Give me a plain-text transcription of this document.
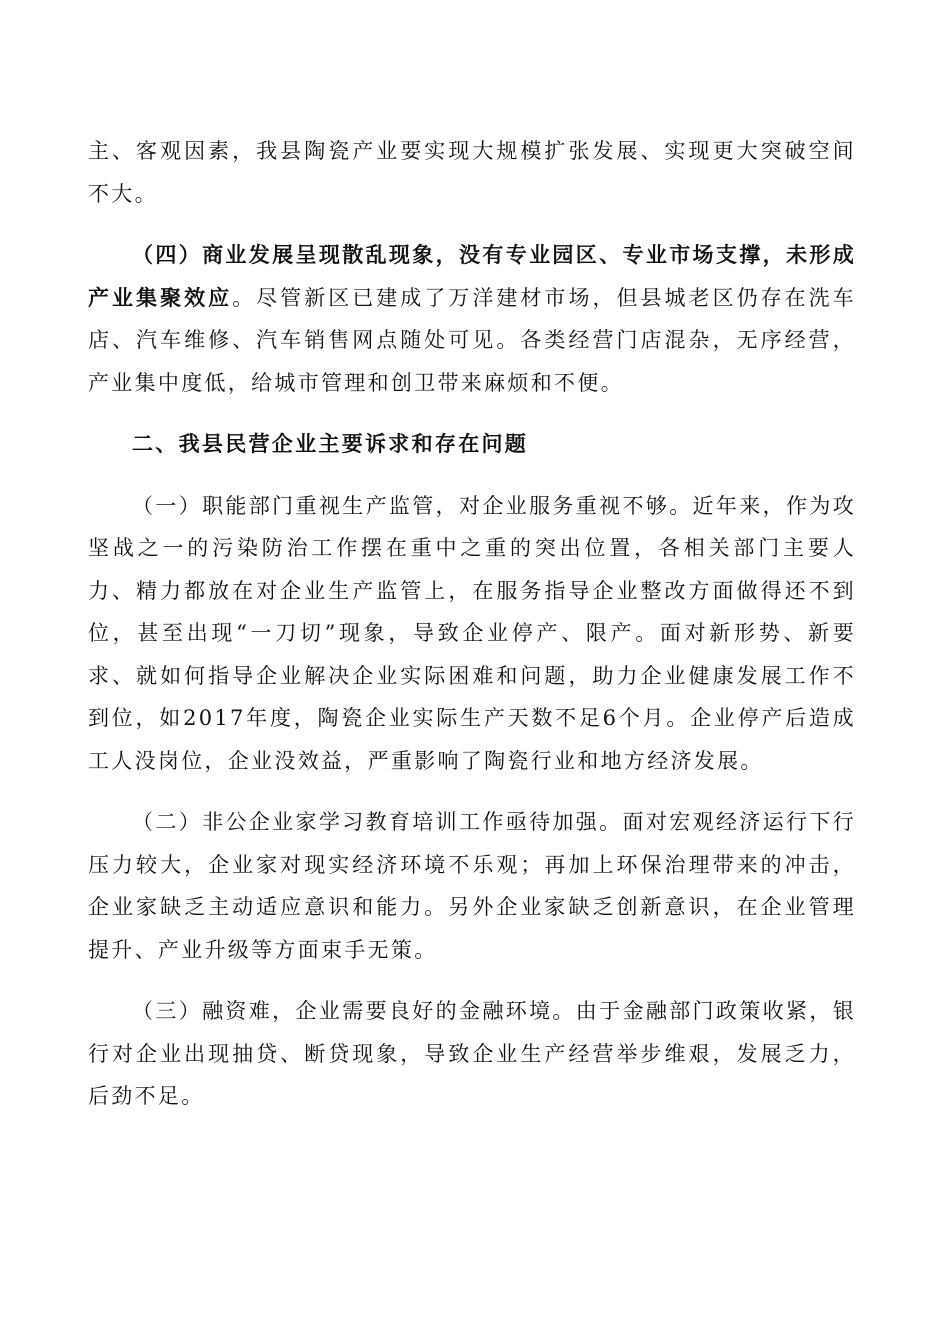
主、客观因素，我县陶瓷产业要实现大规模扩张发展、实现更大突破空间不大。

（四）商业发展呈现散乱现象，没有专业园区、专业市场支撑，未形成产业集聚效应。尽管新区已建成了万洋建材市场，但县城老区仍存在洗车店、汽车维修、汽车销售网点随处可见。各类经营门店混杂，无序经营，产业集中度低，给城市管理和创卫带来麻烦和不便。

二、我县民营企业主要诉求和存在问题

（一）职能部门重视生产监管，对企业服务重视不够。近年来，作为攻坚战之一的污染防治工作摆在重中之重的突出位置，各相关部门主要人力、精力都放在对企业生产监管上，在服务指导企业整改方面做得还不到位，甚至出现“一刀切”现象，导致企业停产、限产。面对新形势、新要求、就如何指导企业解决企业实际困难和问题，助力企业健康发展工作不到位，如2017年度，陶瓷企业实际生产天数不足6个月。企业停产后造成工人没岗位，企业没效益，严重影响了陶瓷行业和地方经济发展。

（二）非公企业家学习教育培训工作亟待加强。面对宏观经济运行下行压力较大，企业家对现实经济环境不乐观；再加上环保治理带来的冲击，企业家缺乏主动适应意识和能力。另外企业家缺乏创新意识，在企业管理提升、产业升级等方面束手无策。

（三）融资难，企业需要良好的金融环境。由于金融部门政策收紧，银行对企业出现抽贷、断贷现象，导致企业生产经营举步维艰，发展乏力，后劲不足。
